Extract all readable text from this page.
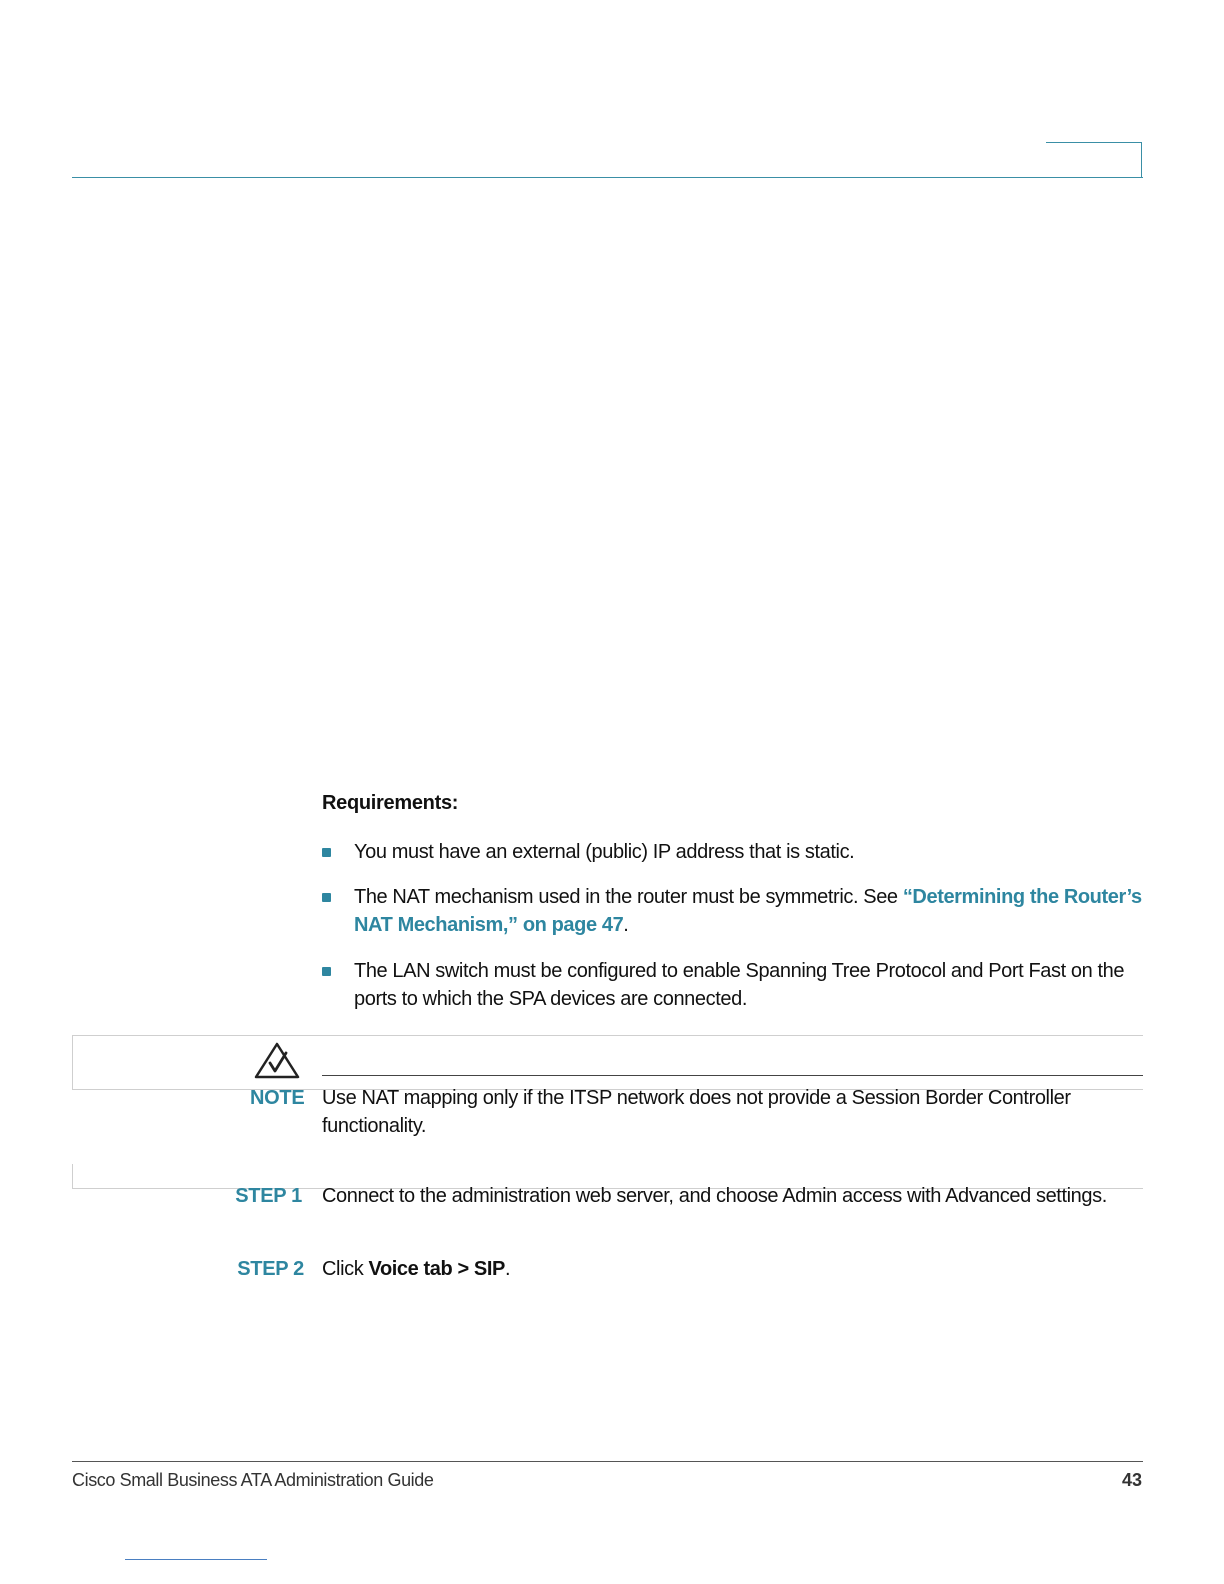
Requirements:
You must have an external (public) IP address that is static.
The NAT mechanism used in the router must be symmetric. See “Determining the Router’s NAT Mechanism,” on page 47.
The LAN switch must be configured to enable Spanning Tree Protocol and Port Fast on the ports to which the SPA devices are connected.
NOTE Use NAT mapping only if the ITSP network does not provide a Session Border Controller functionality.
STEP 1 Connect to the administration web server, and choose Admin access with Advanced settings.
STEP 2 Click Voice tab > SIP.
Cisco Small Business ATA Administration Guide	43
